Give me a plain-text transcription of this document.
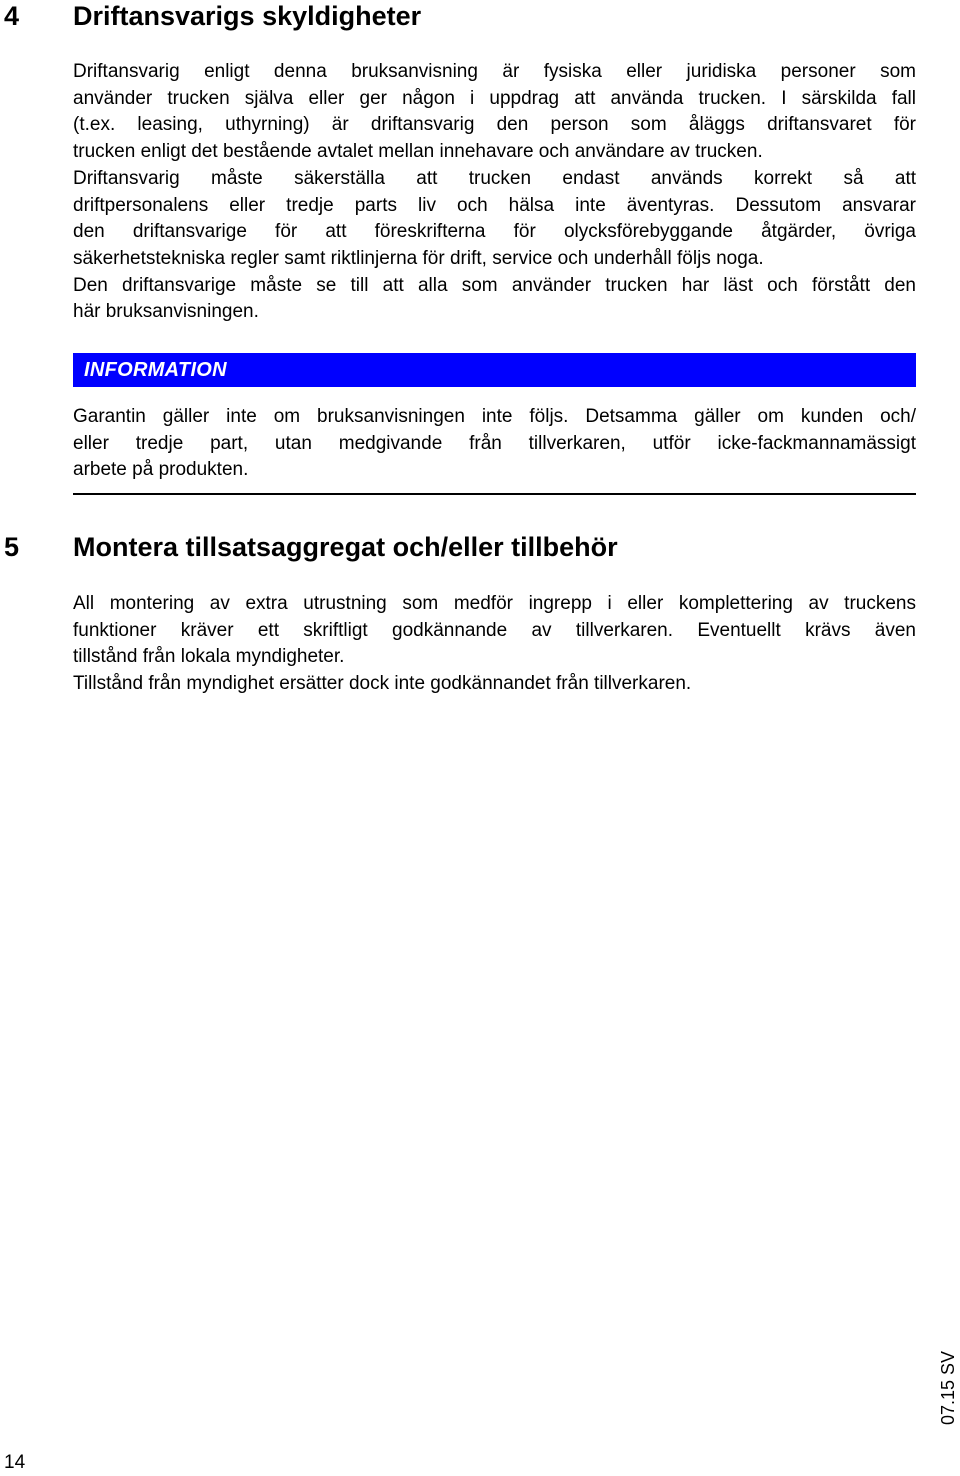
4 Driftansvarigs skyldigheter

Driftansvarig enligt denna bruksanvisning är fysiska eller juridiska personer som
använder trucken själva eller ger någon i uppdrag att använda trucken. I särskilda fall
(t.ex. leasing, uthyrning) är driftansvarig den person som åläggs driftansvaret för
trucken enligt det bestående avtalet mellan innehavare och användare av trucken.
Driftansvarig måste säkerställa att trucken endast används korrekt så att
driftpersonalens eller tredje parts liv och hälsa inte äventyras. Dessutom ansvarar
den driftansvarige för att föreskrifterna för olycksförebyggande åtgärder, övriga
säkerhetstekniska regler samt riktlinjerna för drift, service och underhåll följs noga.
Den driftansvarige måste se till att alla som använder trucken har läst och förstått den
här bruksanvisningen.

INFORMATION

Garantin gäller inte om bruksanvisningen inte följs. Detsamma gäller om kunden och/
eller tredje part, utan medgivande från tillverkaren, utför icke-fackmannamässigt
arbete på produkten.

5 Montera tillsatsaggregat och/eller tillbehör

All montering av extra utrustning som medför ingrepp i eller komplettering av truckens
funktioner kräver ett skriftligt godkännande av tillverkaren. Eventuellt krävs även
tillstånd från lokala myndigheter.
Tillstånd från myndighet ersätter dock inte godkännandet från tillverkaren.

14
07.15 SV
